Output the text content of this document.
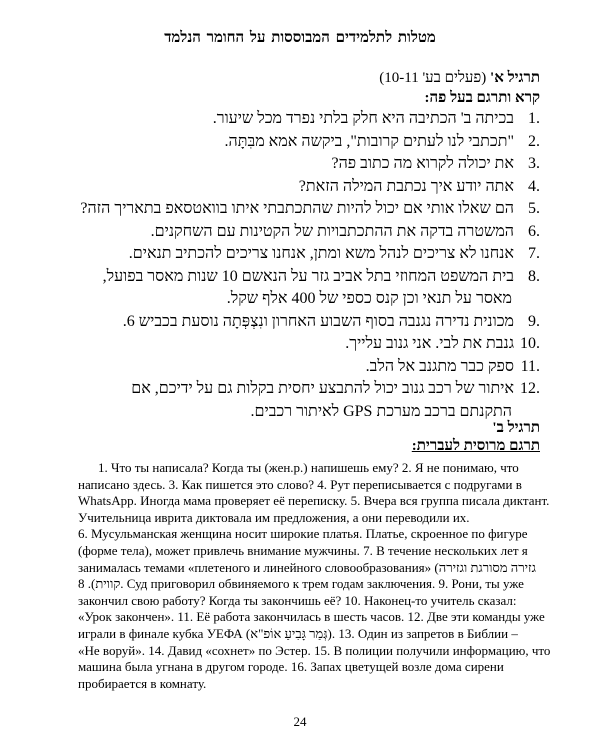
מטלות לתלמידים המבוססות על החומר הנלמד
תרגיל א' (פעלים בע' 10-11)
קרא ותרגם בעל פה:
.1
בכיתה ב' הכתיבה היא חלק בלתי נפרד מכל שיעור.
.2
"תכתבי לנו לעתים קרובות", ביקשה אמא מבִּתָּה.
.3
את יכולה לקרוא מה כתוב פה?
.4
אתה יודע איך נכתבת המילה הזאת?
.5
הם שאלו אותי אם יכול להיות שהתכתבתי איתו בוואטסאפ בתאריך הזה?
.6
המשטרה בדקה את ההתכתבויות של הקטינות עם השחקנים.
.7
אנחנו לא צריכים לנהל משא ומתן, אנחנו צריכים להכתיב תנאים.
.8
בית המשפט המחוזי בתל אביב גזר על הנאשם 10 שנות מאסר בפועל,
מאסר על תנאי וכן קנס כספי של 400 אלף שקל.
.9
מכונית נדירה נגנבה בסוף השבוע האחרון ונִצְפְּתָה נוסעת בכביש 6.
.10
גנבת את לבי. אני גנוב עלייך.
.11
ספק כבר מתגנב אל הלב.
.12
איתור של רכב גנוב יכול להתבצע יחסית בקלות גם על ידיכם, אם
התקנתם ברכב מערכת GPS לאיתור רכבים.
תרגיל ב'
תרגם מרוסית לעברית:
1. Что ты написала? Когда ты (жен.р.) напишешь ему? 2. Я не понимаю, что
написано здесь. 3. Как пишется это слово? 4. Рут переписывается с подругами в
WhatsApp. Иногда мама проверяет её переписку. 5. Вчера вся группа писала диктант.
Учительница иврита диктовала им предложения, а они переводили их.
6. Мусульманская женщина носит широкие платья. Платье, скроенное по фигуре
(форме тела), может привлечь внимание мужчины. 7. В течение нескольких лет я
занималась темами «плетеного и линейного словообразования» (גזירה מסורגת וגזירה
קווית). 8. Суд приговорил обвиняемого к трем годам заключения. 9. Рони, ты уже
закончил свою работу? Когда ты закончишь её? 10. Наконец-то учитель сказал:
«Урок закончен». 11. Её работа закончилась в шесть часов. 12. Две эти команды уже
играли в финале кубка УЕФА (גְּמַר גָּבִיעַ אוֹפ"א). 13. Один из запретов в Библии –
«Не воруй». 14. Давид «сохнет» по Эстер. 15. В полиции получили информацию, что
машина была угнана в другом городе. 16. Запах цветущей возле дома сирени
пробирается в комнату.
24
